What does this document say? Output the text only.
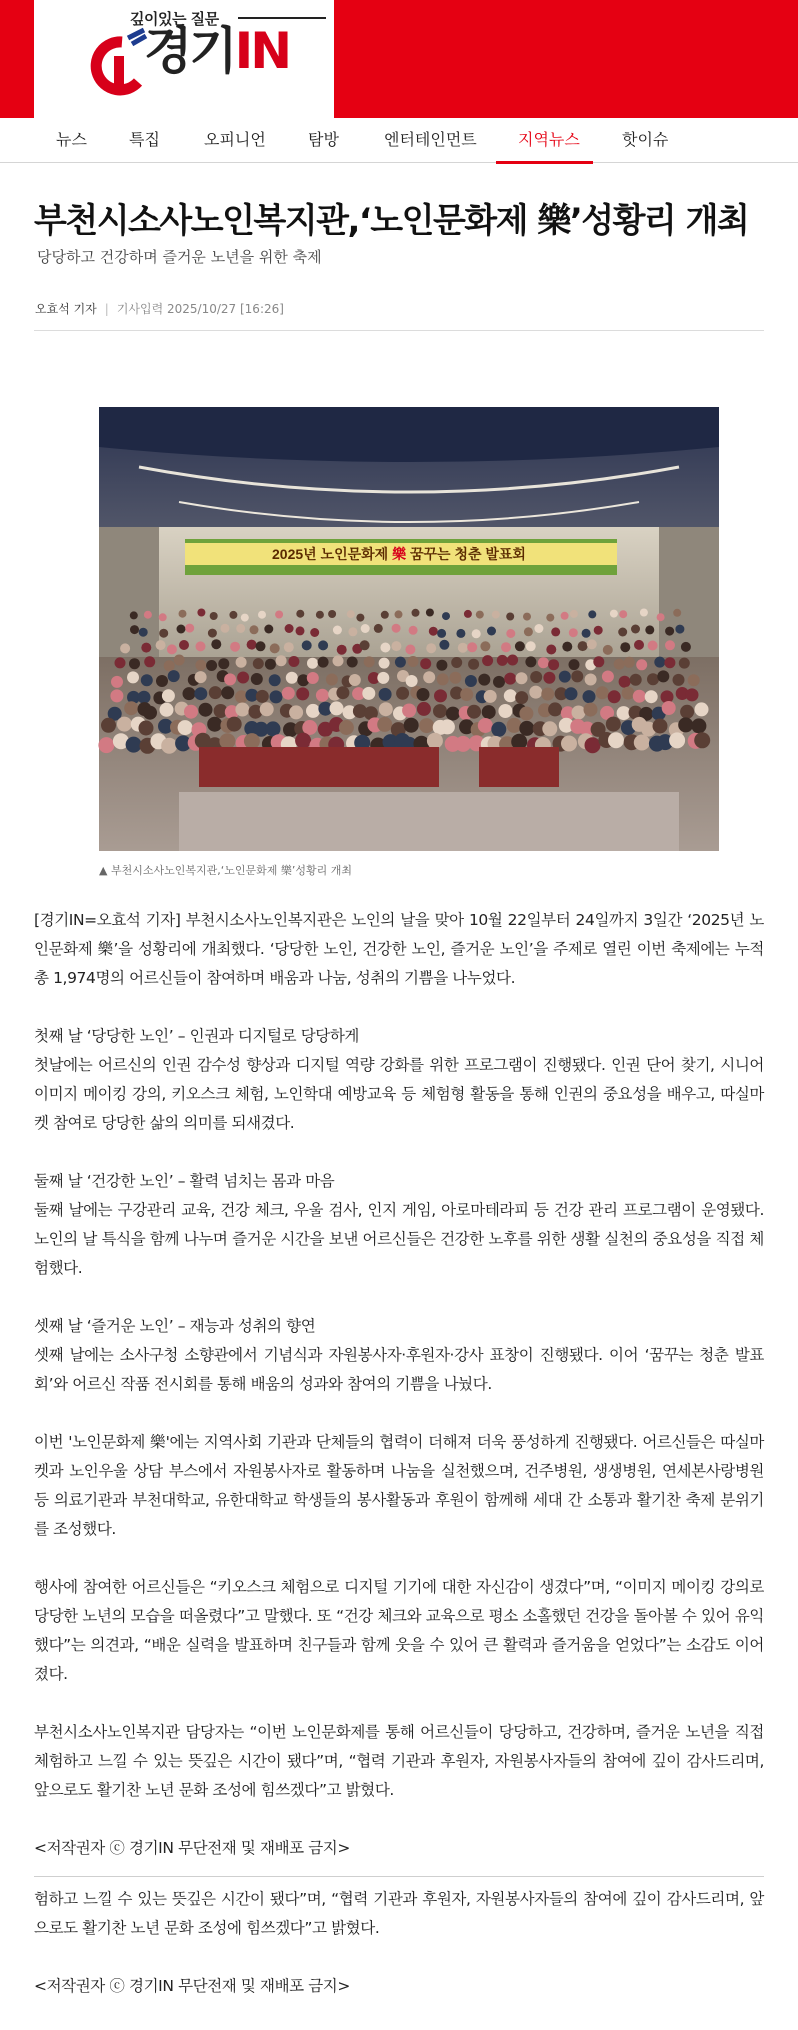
깊이있는 질문
경기IN
뉴스	특집	오피니언	탐방	엔터테인먼트	지역뉴스	핫이슈
부천시소사노인복지관,‘노인문화제 樂’성황리 개최
당당하고 건강하며 즐거운 노년을 위한 축제
오효석 기자 | 기사입력 2025/10/27 [16:26]
2025년 노인문화제 樂 꿈꾸는 청춘 발표회
▲ 부천시소사노인복지관,‘노인문화제 樂’성황리 개최

[경기IN=오효석 기자] 부천시소사노인복지관은 노인의 날을 맞아 10월 22일부터 24일까지 3일간 ‘2025년 노인문화제 樂’을 성황리에 개최했다. ‘당당한 노인, 건강한 노인, 즐거운 노인’을 주제로 열린 이번 축제에는 누적 총 1,974명의 어르신들이 참여하며 배움과 나눔, 성취의 기쁨을 나누었다.

첫째 날 ‘당당한 노인’ – 인권과 디지털로 당당하게
첫날에는 어르신의 인권 감수성 향상과 디지털 역량 강화를 위한 프로그램이 진행됐다. 인권 단어 찾기, 시니어 이미지 메이킹 강의, 키오스크 체험, 노인학대 예방교육 등 체험형 활동을 통해 인권의 중요성을 배우고, 따실마켓 참여로 당당한 삶의 의미를 되새겼다.

둘째 날 ‘건강한 노인’ – 활력 넘치는 몸과 마음
둘째 날에는 구강관리 교육, 건강 체크, 우울 검사, 인지 게임, 아로마테라피 등 건강 관리 프로그램이 운영됐다. 노인의 날 특식을 함께 나누며 즐거운 시간을 보낸 어르신들은 건강한 노후를 위한 생활 실천의 중요성을 직접 체험했다.

셋째 날 ‘즐거운 노인’ – 재능과 성취의 향연
셋째 날에는 소사구청 소향관에서 기념식과 자원봉사자·후원자·강사 표창이 진행됐다. 이어 ‘꿈꾸는 청춘 발표회’와 어르신 작품 전시회를 통해 배움의 성과와 참여의 기쁨을 나눴다.

이번 '노인문화제 樂'에는 지역사회 기관과 단체들의 협력이 더해져 더욱 풍성하게 진행됐다. 어르신들은 따실마켓과 노인우울 상담 부스에서 자원봉사자로 활동하며 나눔을 실천했으며, 건주병원, 생생병원, 연세본사랑병원 등 의료기관과 부천대학교, 유한대학교 학생들의 봉사활동과 후원이 함께해 세대 간 소통과 활기찬 축제 분위기를 조성했다.

행사에 참여한 어르신들은 “키오스크 체험으로 디지털 기기에 대한 자신감이 생겼다”며, “이미지 메이킹 강의로 당당한 노년의 모습을 떠올렸다”고 말했다. 또 “건강 체크와 교육으로 평소 소홀했던 건강을 돌아볼 수 있어 유익했다”는 의견과, “배운 실력을 발표하며 친구들과 함께 웃을 수 있어 큰 활력과 즐거움을 얻었다”는 소감도 이어졌다.

부천시소사노인복지관 담당자는 “이번 노인문화제를 통해 어르신들이 당당하고, 건강하며, 즐거운 노년을 직접 체험하고 느낄 수 있는 뜻깊은 시간이 됐다”며, “협력 기관과 후원자, 자원봉사자들의 참여에 깊이 감사드리며, 앞으로도 활기찬 노년 문화 조성에 힘쓰겠다”고 밝혔다.

<저작권자 ⓒ 경기IN 무단전재 및 재배포 금지>

험하고 느낄 수 있는 뜻깊은 시간이 됐다”며, “협력 기관과 후원자, 자원봉사자들의 참여에 깊이 감사드리며, 앞으로도 활기찬 노년 문화 조성에 힘쓰겠다”고 밝혔다.

<저작권자 ⓒ 경기IN 무단전재 및 재배포 금지>
